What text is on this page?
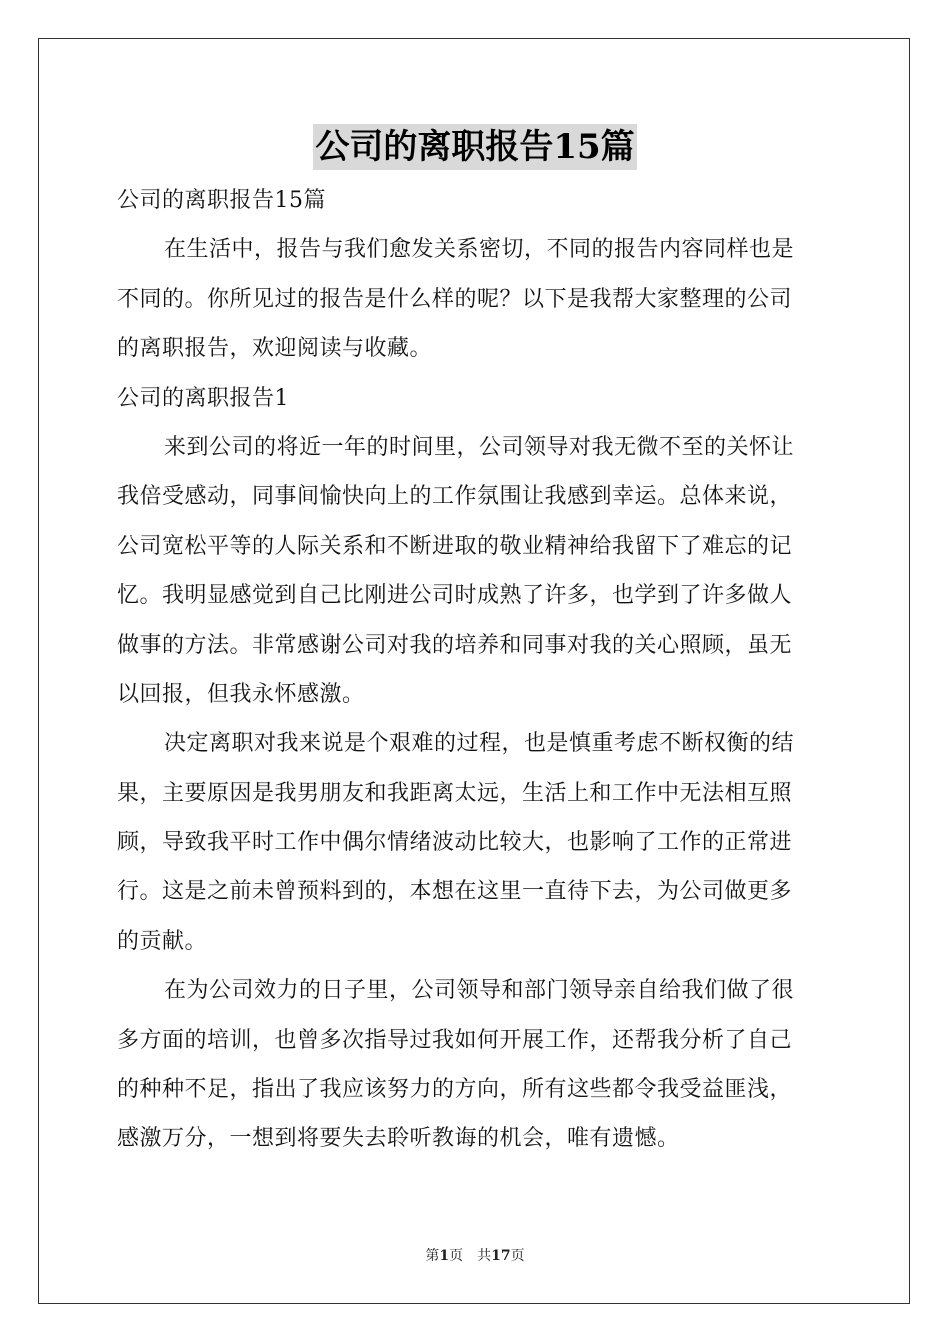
公司的离职报告15篇

公司的离职报告15篇

在生活中，报告与我们愈发关系密切，不同的报告内容同样也是
不同的。你所见过的报告是什么样的呢？以下是我帮大家整理的公司
的离职报告，欢迎阅读与收藏。

公司的离职报告1

来到公司的将近一年的时间里，公司领导对我无微不至的关怀让
我倍受感动，同事间愉快向上的工作氛围让我感到幸运。总体来说，
公司宽松平等的人际关系和不断进取的敬业精神给我留下了难忘的记
忆。我明显感觉到自己比刚进公司时成熟了许多，也学到了许多做人
做事的方法。非常感谢公司对我的培养和同事对我的关心照顾，虽无
以回报，但我永怀感激。
决定离职对我来说是个艰难的过程，也是慎重考虑不断权衡的结
果，主要原因是我男朋友和我距离太远，生活上和工作中无法相互照
顾，导致我平时工作中偶尔情绪波动比较大，也影响了工作的正常进
行。这是之前未曾预料到的，本想在这里一直待下去，为公司做更多
的贡献。
在为公司效力的日子里，公司领导和部门领导亲自给我们做了很
多方面的培训，也曾多次指导过我如何开展工作，还帮我分析了自己
的种种不足，指出了我应该努力的方向，所有这些都令我受益匪浅，
感激万分，一想到将要失去聆听教诲的机会，唯有遗憾。
第1页 共17页
